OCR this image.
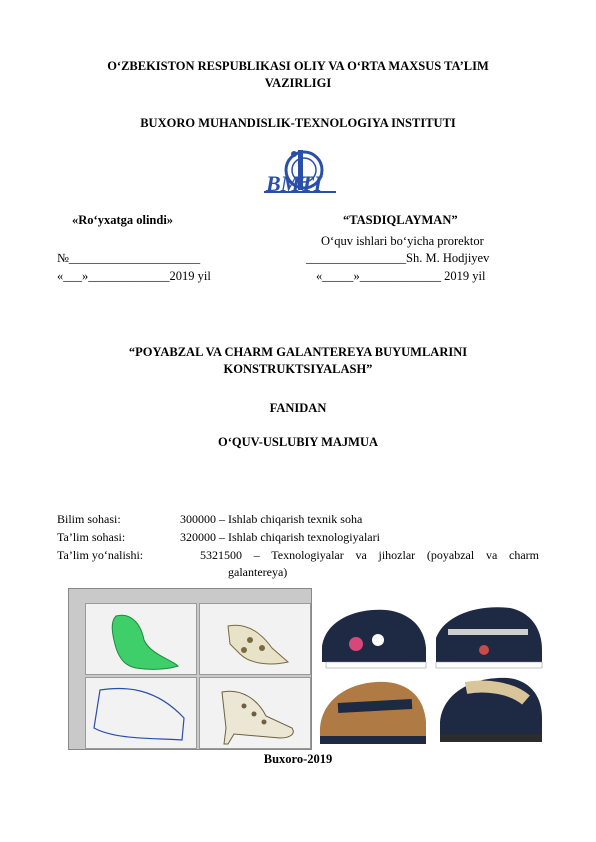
O‘ZBEKISTON RESPUBLIKASI OLIY VA O‘RTA MAXSUS TA’LIM
VAZIRLIGI
BUXORO MUHANDISLIK-TEXNOLOGIYA INSTITUTI
BMTI
«Ro‘yxatga olindi»	“TASDIQLAYMAN”
O‘quv ishlari bo‘yicha prorektor
№_____________________	________________Sh. M. Hodjiyev
«___»_____________2019 yil	«_____»_____________ 2019 yil
“POYABZAL VA CHARM GALANTEREYA BUYUMLARINI
KONSTRUKTSIYALASH”
FANIDAN
O‘QUV-USLUBIY MAJMUA
Bilim sohasi:	300000 – Ishlab chiqarish texnik soha
Ta’lim sohasi:	320000 – Ishlab chiqarish texnologiyalari
Ta’lim yo‘nalishi:	5321500 – Texnologiyalar va jihozlar (poyabzal va charm
galantereya)
Buxoro-2019
